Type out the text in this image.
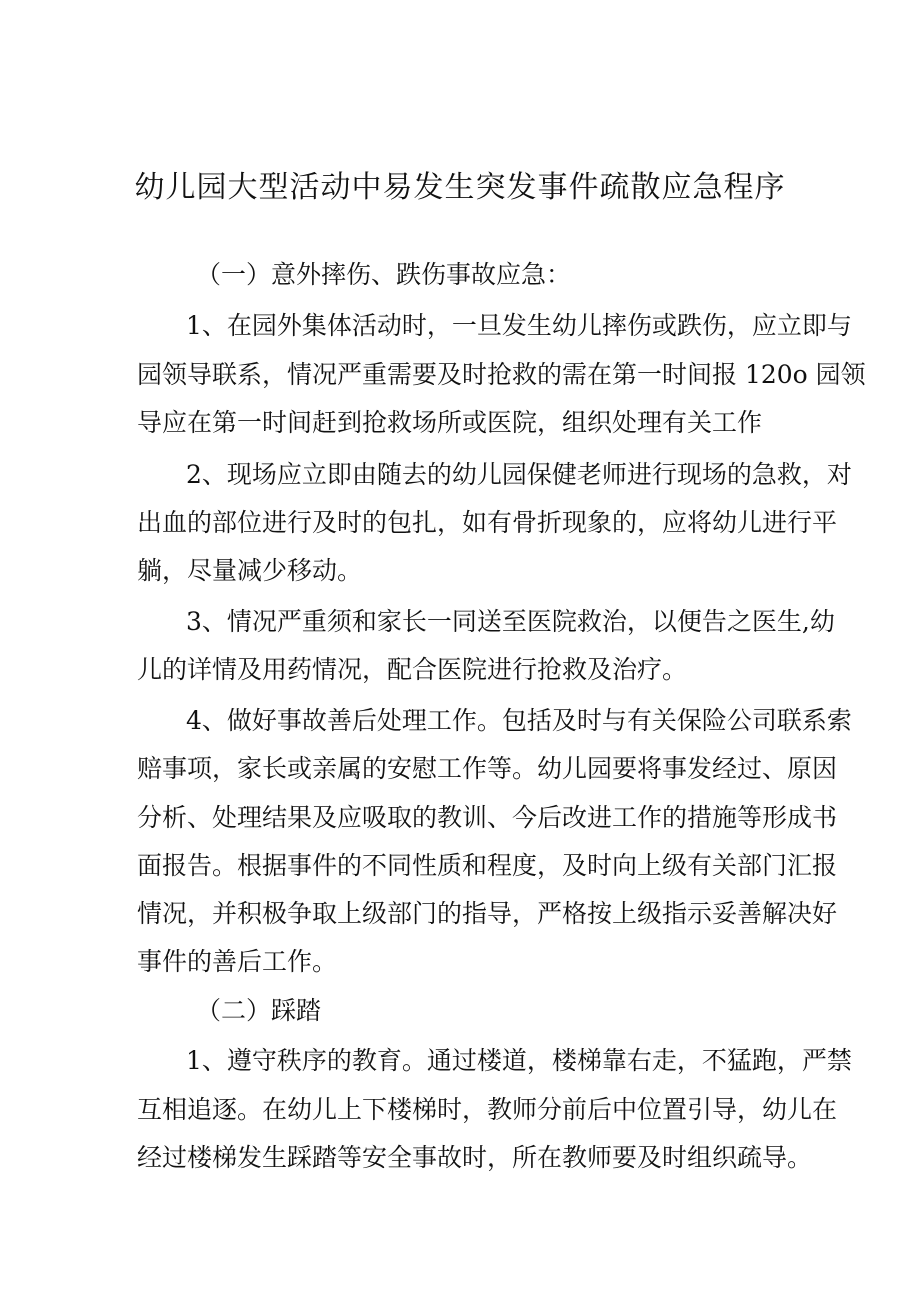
幼儿园大型活动中易发生突发事件疏散应急程序

（一）意外摔伤、跌伤事故应急：

1、在园外集体活动时，一旦发生幼儿摔伤或跌伤，应立即与

园领导联系，情况严重需要及时抢救的需在第一时间报 120o 园领

导应在第一时间赶到抢救场所或医院，组织处理有关工作

2、现场应立即由随去的幼儿园保健老师进行现场的急救，对

出血的部位进行及时的包扎，如有骨折现象的，应将幼儿进行平

躺，尽量减少移动。

3、情况严重须和家长一同送至医院救治，以便告之医生,幼

儿的详情及用药情况，配合医院进行抢救及治疗。

4、做好事故善后处理工作。包括及时与有关保险公司联系索

赔事项，家长或亲属的安慰工作等。幼儿园要将事发经过、原因

分析、处理结果及应吸取的教训、今后改进工作的措施等形成书

面报告。根据事件的不同性质和程度，及时向上级有关部门汇报

情况，并积极争取上级部门的指导，严格按上级指示妥善解决好

事件的善后工作。

（二）踩踏

1、遵守秩序的教育。通过楼道，楼梯靠右走，不猛跑，严禁

互相追逐。在幼儿上下楼梯时，教师分前后中位置引导，幼儿在

经过楼梯发生踩踏等安全事故时，所在教师要及时组织疏导。
